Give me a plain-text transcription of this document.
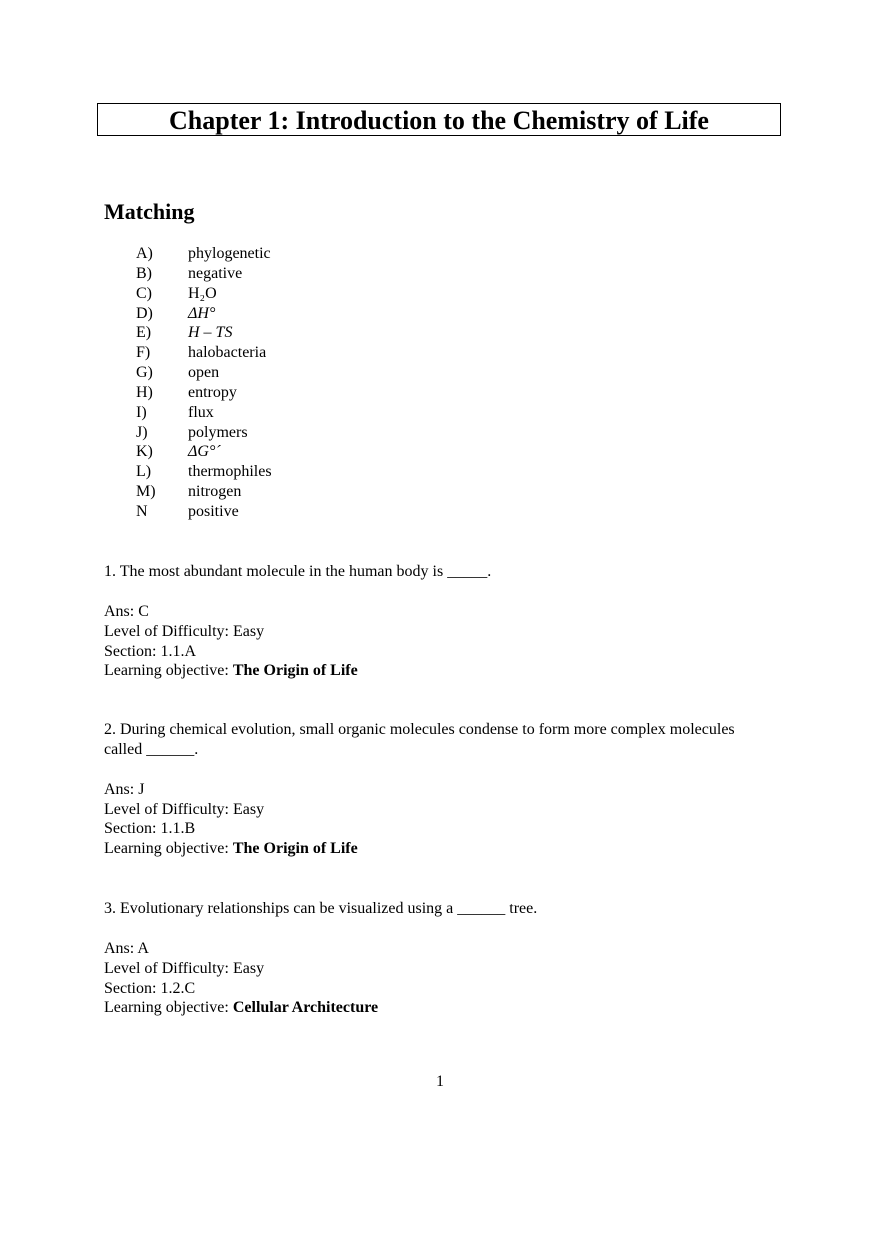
Chapter 1: Introduction to the Chemistry of Life
Matching
A)	phylogenetic
B)	negative
C)	H₂O
D)	ΔH°
E)	H – TS
F)	halobacteria
G)	open
H)	entropy
I)	flux
J)	polymers
K)	ΔG°´
L)	thermophiles
M)	nitrogen
N	positive

1. The most abundant molecule in the human body is _____.

Ans: C
Level of Difficulty: Easy
Section: 1.1.A
Learning objective: The Origin of Life

2. During chemical evolution, small organic molecules condense to form more complex molecules called ______.

Ans: J
Level of Difficulty: Easy
Section: 1.1.B
Learning objective: The Origin of Life

3. Evolutionary relationships can be visualized using a ______ tree.

Ans: A
Level of Difficulty: Easy
Section: 1.2.C
Learning objective: Cellular Architecture
1
